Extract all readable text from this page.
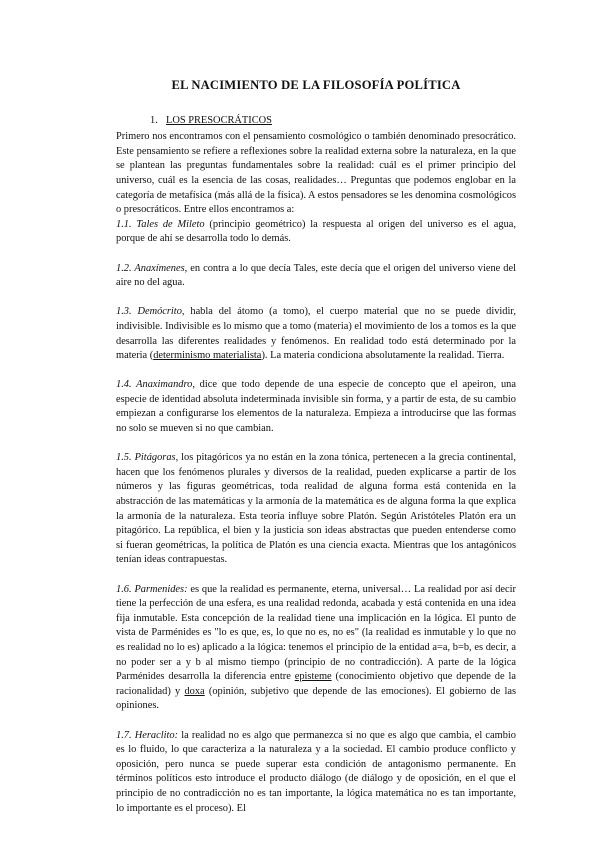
EL NACIMIENTO DE LA FILOSOFÍA POLÍTICA
1. LOS PRESOCRÁTICOS

Primero nos encontramos con el pensamiento cosmológico o también denominado presocrático. Este pensamiento se refiere a reflexiones sobre la realidad externa sobre la naturaleza, en la que se plantean las preguntas fundamentales sobre la realidad: cuál es el primer principio del universo, cuál es la esencia de las cosas, realidades… Preguntas que podemos englobar en la categoría de metafísica (más allá de la física). A estos pensadores se les denomina cosmológicos o presocráticos. Entre ellos encontramos a:

1.1. Tales de Mileto (principio geométrico) la respuesta al origen del universo es el agua, porque de ahí se desarrolla todo lo demás.

1.2. Anaxímenes, en contra a lo que decía Tales, este decía que el origen del universo viene del aire no del agua.

1.3. Demócrito, habla del átomo (a tomo), el cuerpo material que no se puede dividir, indivisible. Indivisible es lo mismo que a tomo (materia) el movimiento de los a tomos es la que desarrolla las diferentes realidades y fenómenos. En realidad todo está determinado por la materia (determinismo materialista). La materia condiciona absolutamente la realidad. Tierra.

1.4. Anaximandro, dice que todo depende de una especie de concepto que el apeiron, una especie de identidad absoluta indeterminada invisible sin forma, y a partir de esta, de su cambio empiezan a configurarse los elementos de la naturaleza. Empieza a introducirse que las formas no solo se mueven si no que cambian.

1.5. Pitágoras, los pitagóricos ya no están en la zona tónica, pertenecen a la grecia continental, hacen que los fenómenos plurales y diversos de la realidad, pueden explicarse a partir de los números y las figuras geométricas, toda realidad de alguna forma está contenida en la abstracción de las matemáticas y la armonía de la matemática es de alguna forma la que explica la armonía de la naturaleza. Esta teoría influye sobre Platón. Según Aristóteles Platón era un pitagórico. La república, el bien y la justicia son ideas abstractas que pueden entenderse como si fueran geométricas, la política de Platón es una ciencia exacta. Mientras que los antagónicos tenían ideas contrapuestas.

1.6. Parmenides: es que la realidad es permanente, eterna, universal… La realidad por así decir tiene la perfección de una esfera, es una realidad redonda, acabada y está contenida en una idea fija inmutable. Esta concepción de la realidad tiene una implicación en la lógica. El punto de vista de Parménides es "lo es que, es, lo que no es, no es" (la realidad es inmutable y lo que no es realidad no lo es) aplicado a la lógica: tenemos el principio de la entidad a=a, b=b, es decir, a no poder ser a y b al mismo tiempo (principio de no contradicción). A parte de la lógica Parménides desarrolla la diferencia entre episteme (conocimiento objetivo que depende de la racionalidad) y doxa (opinión, subjetivo que depende de las emociones). El gobierno de las opiniones.

1.7. Heraclito: la realidad no es algo que permanezca si no que es algo que cambia, el cambio es lo fluido, lo que caracteriza a la naturaleza y a la sociedad. El cambio produce conflicto y oposición, pero nunca se puede superar esta condición de antagonismo permanente. En términos políticos esto introduce el producto diálogo (de diálogo y de oposición, en el que el principio de no contradicción no es tan importante, la lógica matemática no es tan importante, lo importante es el proceso). El
